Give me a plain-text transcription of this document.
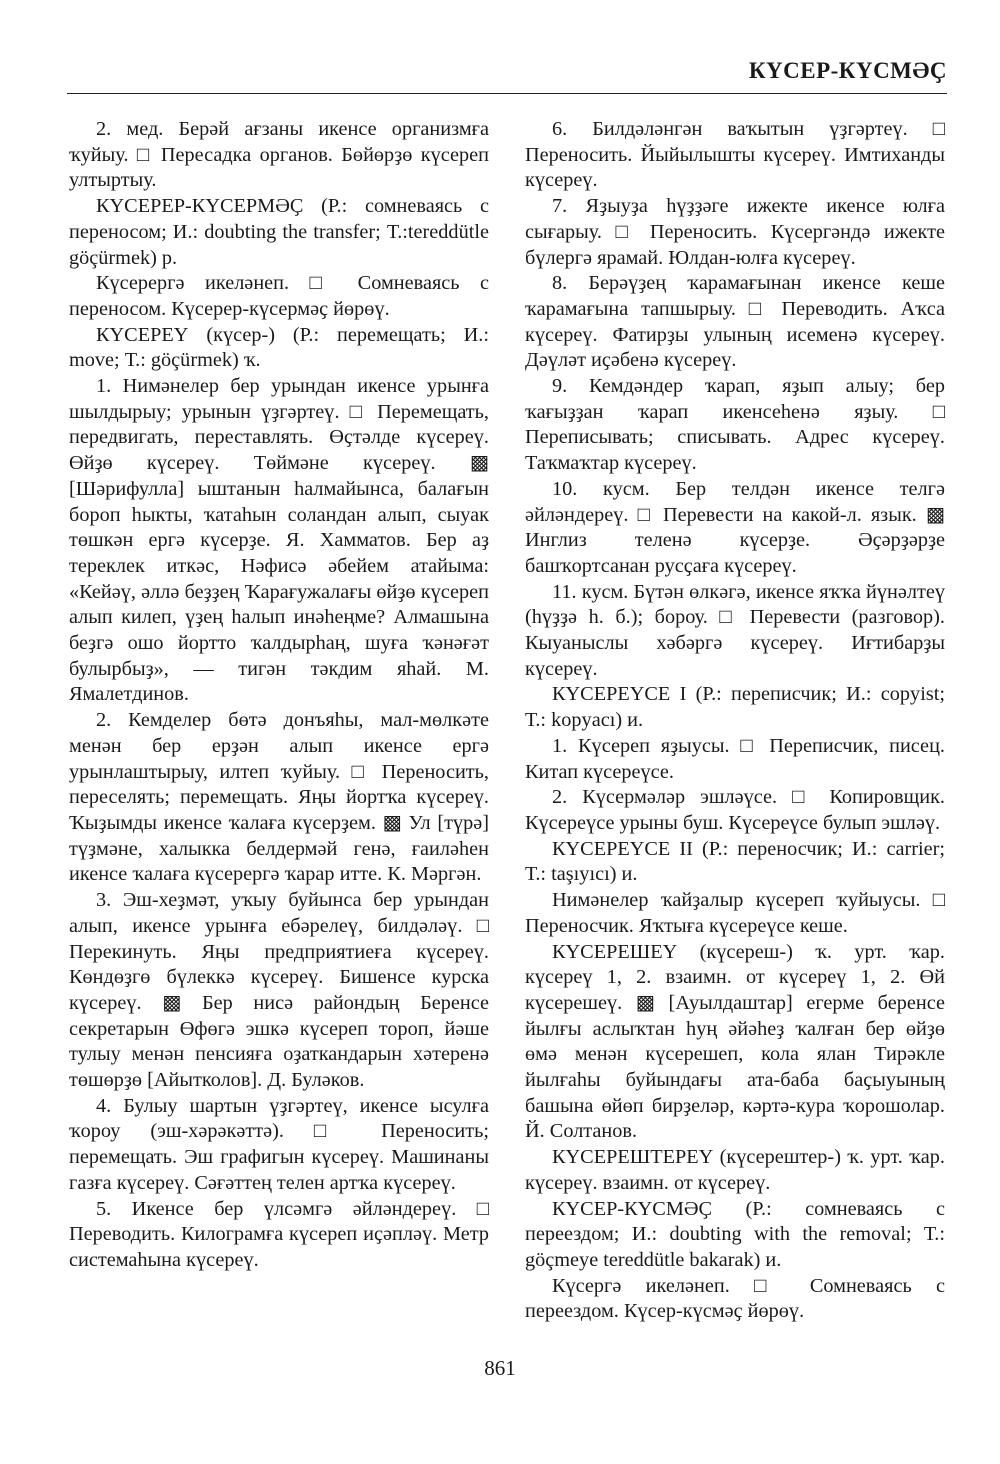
КҮСЕР-КҮСМӘҪ

2. мед. Берәй ағзаны икенсе организмға ҡуйыу. □ Пересадка органов. Бөйөрҙө күсереп ултыртыу.

КҮСЕРЕР-КҮСЕРМӘҪ (Р.: сомневаясь с переносом; И.: doubting the transfer; Т.:tereddütle göçürmek) р.

Күсерергә икеләнеп. □ Сомневаясь с переносом. Күсерер-күсермәҫ йөрөү.

КҮСЕРЕҮ (күсер-) (Р.: перемещать; И.: move; Т.: göçürmek) ҡ.

1. Нимәнелер бер урындан икенсе урынға шылдырыу; урынын үҙгәртеү. □ Перемещать, передвигать, переставлять. Өҫтәлде күсереү. Өйҙө күсереү. Төймәне күсереү. ▩ [Шәрифулла] ыштанын һалмайынса, балағын бороп һыкты, ҡатаһын соландан алып, сыуак төшкән ергә күсерҙе. Я. Хамматов. Бер аҙ тереклек иткәс, Нәфисә әбейем атайыма: «Кейәү, әллә беҙҙең Ҡарағужалағы өйҙө күсереп алып килеп, үҙең һалып инәһеңме? Алмашына беҙгә ошо йортто ҡалдырһаң, шуға ҡәнәғәт булырбыҙ», — тигән тәкдим яһай. М. Ямалетдинов.

2. Кемделер бөтә донъяһы, мал-мөлкәте менән бер ерҙән алып икенсе ергә урынлаштырыу, илтеп ҡуйыу. □ Переносить, переселять; перемещать. Яңы йортҡа күсереү. Ҡыҙымды икенсе ҡалаға күсерҙем. ▩ Ул [түрә] түҙмәне, халыкка белдермәй генә, ғаиләһен икенсе ҡалаға күсерергә ҡарар итте. К. Мәргән.

3. Эш-хеҙмәт, уҡыу буйынса бер урындан алып, икенсе урынға ебәрелеү, билдәләү. □ Перекинуть. Яңы предприятиеға күсереү. Көндөҙгө бүлеккә күсереү. Бишенсе курска күсереү. ▩ Бер нисә районды‌ң Беренсе секретарын Өфөгә эшкә күсереп тороп, йәше тулыу менән пенсияға оҙаткандарын хәтеренә төшөрҙө [Айытколов]. Д. Буләков.

4. Булыу шартын үҙгәртеү, икенсе ысулға ҡороу (эш-хәрәкәттә). □ Переносить; перемещать. Эш графигын күсереү. Машинаны газға күсереү. Сәғәттең телен артҡа күсереү.

5. Икенсе бер үлсәмгә әйләндереү. □ Переводить. Килограмға күсереп иҫәпләү. Метр системаһына күсереү.

6. Билдәләнгән ваҡытын үҙгәртеү. □ Переносить. Йыйылышты күсереү. Имтиханды күсереү.

7. Яҙыуҙа һүҙҙәге ижекте икенсе юлға сығарыу. □ Переносить. Күсергәндә ижекте бүлергә ярамай. Юлдан-юлға күсереү.

8. Берәүҙең ҡарамағынан икенсе кеше ҡарамағына тапшырыу. □ Переводить. Аҡса күсереү. Фатирҙы улының исеменә күсереү. Дәүләт иҫәбенә күсереү.

9. Кемдәндер ҡарап, яҙып алыу; бер ҡағыҙҙан ҡарап икенсеһенә яҙыу. □ Переписывать; списывать. Адрес күсереү. Таҡмаҡтар күсереү.

10. кусм. Бер телдән икенсе телгә әйләндереү. □ Перевести на какой-л. язык. ▩ Инглиз теленә күсерҙе. Әҫәрҙәрҙе башҡортсанан русҫаға күсереү.

11. кусм. Бүтән өлкәгә, икенсе яҡҡа йүнәлтеү (һүҙҙә һ. б.); бороу. □ Перевести (разговор). Кыуаныслы хәбәргә күсереү. Иғтибарҙы күсереү.

КҮСЕРЕҮСЕ I (Р.: переписчик; И.: copyist; Т.: koрyacı) и.

1. Күсереп яҙыусы. □ Переписчик, писец. Китап күсереүсе.

2. Күсермәләр эшләүсе. □ Копировщик. Күсереүсе урыны буш. Күсереүсе булып эшләү.

КҮСЕРЕҮСЕ II (Р.: переносчик; И.: carrier; Т.: taşıyıcı) и.

Нимәнелер ҡайҙалыр күсереп ҡуйыусы. □ Переносчик. Яҡтыға күсереүсе кеше.

КҮСЕРЕШЕҮ (күсереш-) ҡ. урт. ҡар. күсереү 1, 2. взаимн. от күсереү 1, 2. Өй күсерешеү. ▩ [Ауылдаштар] егерме беренсе йылғы аслыҡтан һуң әйәһеҙ ҡалған бер өйҙө өмә менән күсерешеп, кола ялан Тирәкле йылғаһы буйындағы ата-баба баҫыуының башына өйөп бирҙеләр, кәртә-кура ҡорошолар. Й. Солтанов.

КҮСЕРЕШТЕРЕҮ (күсерештер-) ҡ. урт. ҡар. күсереү. взаимн. от күсереү.

КҮСЕР-КҮСМӘҪ (Р.: сомневаясь с переездом; И.: doubting with the removal; Т.: göçmeye tereddütle bakarak) и.

Күсергә икеләнеп. □ Сомневаясь с переездом. Күсер-күсмәҫ йөрөү.

861
